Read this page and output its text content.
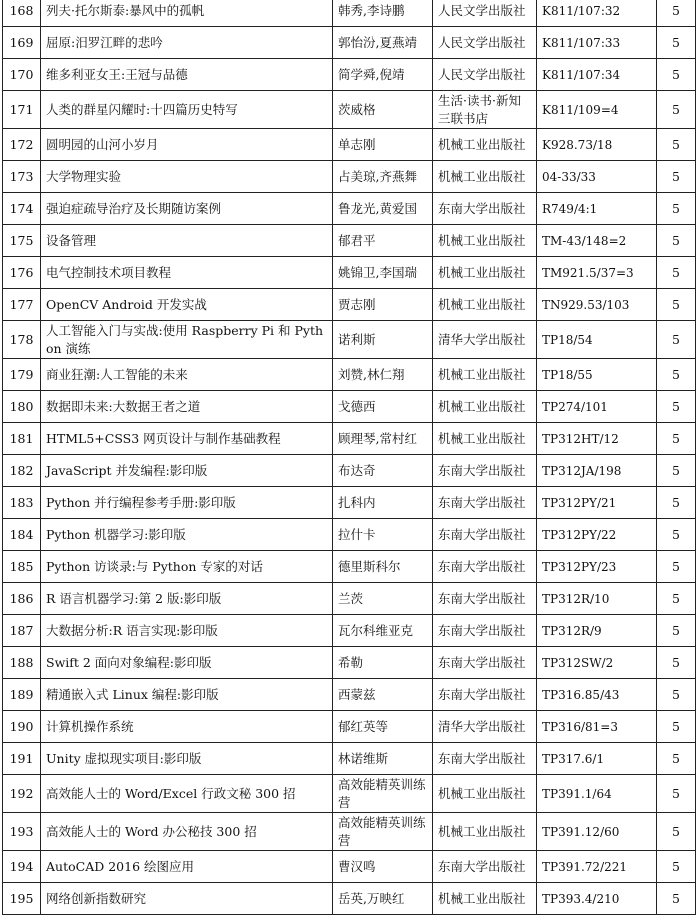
168	列夫·托尔斯泰:暴风中的孤帆	韩秀,李诗鹏	人民文学出版社	K811/107:32	5
169	屈原:汨罗江畔的悲吟	郭怡汾,夏燕靖	人民文学出版社	K811/107:33	5
170	维多利亚女王:王冠与品德	简学舜,倪靖	人民文学出版社	K811/107:34	5
171	人类的群星闪耀时:十四篇历史特写	茨威格	生活·读书·新知三联书店	K811/109=4	5
172	圆明园的山河小岁月	单志刚	机械工业出版社	K928.73/18	5
173	大学物理实验	占美琼,齐燕舞	机械工业出版社	04-33/33	5
174	强迫症疏导治疗及长期随访案例	鲁龙光,黄爱国	东南大学出版社	R749/4:1	5
175	设备管理	郁君平	机械工业出版社	TM-43/148=2	5
176	电气控制技术项目教程	姚锦卫,李国瑞	机械工业出版社	TM921.5/37=3	5
177	OpenCV Android 开发实战	贾志刚	机械工业出版社	TN929.53/103	5
178	人工智能入门与实战:使用 Raspberry Pi 和 Python 演练	诺利斯	清华大学出版社	TP18/54	5
179	商业狂潮:人工智能的未来	刘赞,林仁翔	机械工业出版社	TP18/55	5
180	数据即未来:大数据王者之道	戈德西	机械工业出版社	TP274/101	5
181	HTML5+CSS3 网页设计与制作基础教程	顾理琴,常村红	机械工业出版社	TP312HT/12	5
182	JavaScript 并发编程:影印版	布达奇	东南大学出版社	TP312JA/198	5
183	Python 并行编程参考手册:影印版	扎科内	东南大学出版社	TP312PY/21	5
184	Python 机器学习:影印版	拉什卡	东南大学出版社	TP312PY/22	5
185	Python 访谈录:与 Python 专家的对话	德里斯科尔	东南大学出版社	TP312PY/23	5
186	R 语言机器学习:第 2 版:影印版	兰茨	东南大学出版社	TP312R/10	5
187	大数据分析:R 语言实现:影印版	瓦尔科维亚克	东南大学出版社	TP312R/9	5
188	Swift 2 面向对象编程:影印版	希勒	东南大学出版社	TP312SW/2	5
189	精通嵌入式 Linux 编程:影印版	西蒙兹	东南大学出版社	TP316.85/43	5
190	计算机操作系统	郁红英等	清华大学出版社	TP316/81=3	5
191	Unity 虚拟现实项目:影印版	林诺维斯	东南大学出版社	TP317.6/1	5
192	高效能人士的 Word/Excel 行政文秘 300 招	高效能精英训练营	机械工业出版社	TP391.1/64	5
193	高效能人士的 Word 办公秘技 300 招	高效能精英训练营	机械工业出版社	TP391.12/60	5
194	AutoCAD 2016 绘图应用	曹汉鸣	东南大学出版社	TP391.72/221	5
195	网络创新指数研究	岳英,万映红	机械工业出版社	TP393.4/210	5
